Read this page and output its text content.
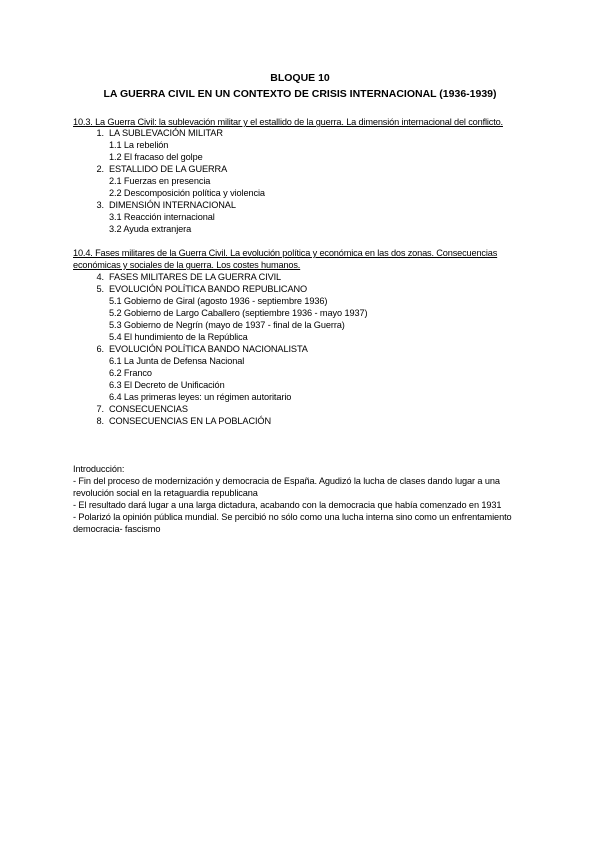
BLOQUE 10
LA GUERRA CIVIL EN UN CONTEXTO DE CRISIS INTERNACIONAL (1936-1939)
10.3. La Guerra Civil: la sublevación militar y el estallido de la guerra. La dimensión internacional del conflicto.
1. LA SUBLEVACIÓN MILITAR
1.1 La rebelión
1.2 El fracaso del golpe
2. ESTALLIDO DE LA GUERRA
2.1 Fuerzas en presencia
2.2 Descomposición política y violencia
3. DIMENSIÓN INTERNACIONAL
3.1 Reacción internacional
3.2 Ayuda extranjera
10.4. Fases militares de la Guerra Civil. La evolución política y económica en las dos zonas. Consecuencias
económicas y sociales de la guerra. Los costes humanos.
4. FASES MILITARES DE LA GUERRA CIVIL
5. EVOLUCIÓN POLÍTICA BANDO REPUBLICANO
5.1 Gobierno de Giral (agosto 1936 - septiembre 1936)
5.2 Gobierno de Largo Caballero (septiembre 1936 - mayo 1937)
5.3 Gobierno de Negrín (mayo de 1937 - final de la Guerra)
5.4 El hundimiento de la República
6. EVOLUCIÓN POLÍTICA BANDO NACIONALISTA
6.1 La Junta de Defensa Nacional
6.2 Franco
6.3 El Decreto de Unificación
6.4 Las primeras leyes: un régimen autoritario
7. CONSECUENCIAS
8. CONSECUENCIAS EN LA POBLACIÓN
Introducción:
- Fin del proceso de modernización y democracia de España. Agudizó la lucha de clases dando lugar a una
revolución social en la retaguardia republicana
- El resultado dará lugar a una larga dictadura, acabando con la democracia que había comenzado en 1931
- Polarizó la opinión pública mundial. Se percibió no sólo como una lucha interna sino como un enfrentamiento
democracia- fascismo
